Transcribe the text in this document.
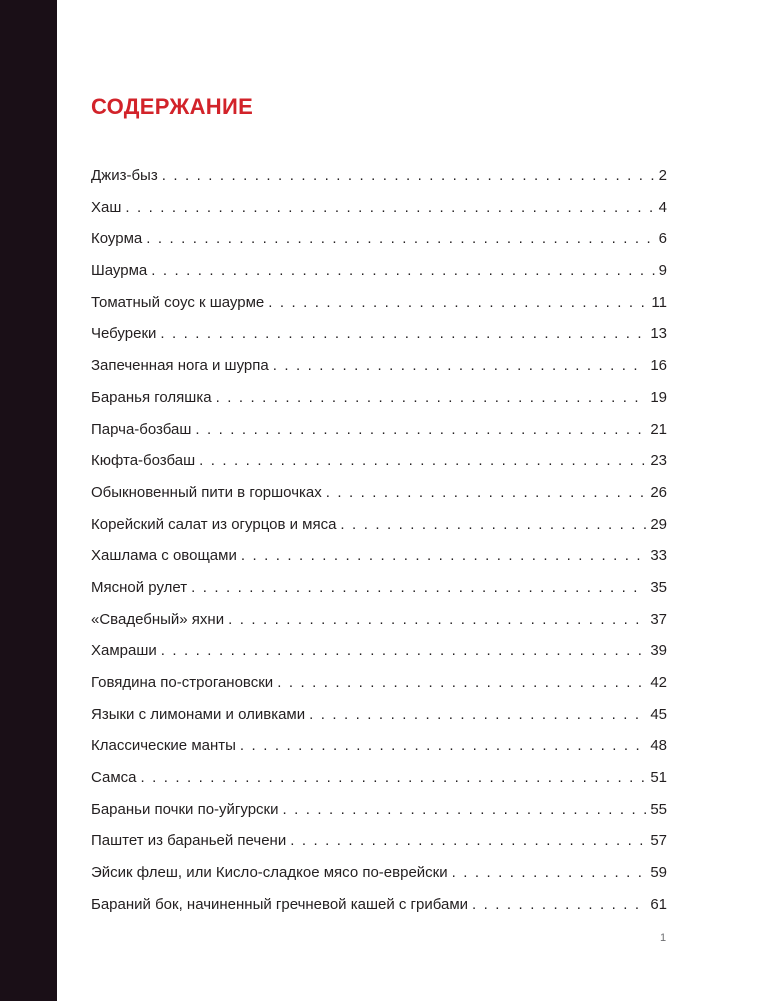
СОДЕРЖАНИЕ
Джиз-быз . . .	2
Хаш . . .	4
Коурма . . .	6
Шаурма . . .	9
Томатный соус к шаурме . . .	11
Чебуреки . . .	13
Запеченная нога и шурпа . . .	16
Баранья голяшка . . .	19
Парча-бозбаш . . .	21
Кюфта-бозбаш . . .	23
Обыкновенный пити в горшочках . . .	26
Корейский салат из огурцов и мяса . . .	29
Хашлама с овощами . . .	33
Мясной рулет . . .	35
«Свадебный» яхни . . .	37
Хамраши . . .	39
Говядина по-строгановски . . .	42
Языки с лимонами и оливками . . .	45
Классические манты . . .	48
Самса . . .	51
Бараньи почки по-уйгурски . . .	55
Паштет из бараньей печени . . .	57
Эйсик флеш, или Кисло-сладкое мясо по-еврейски . . .	59
Бараний бок, начиненный гречневой кашей с грибами . . .	61
1
